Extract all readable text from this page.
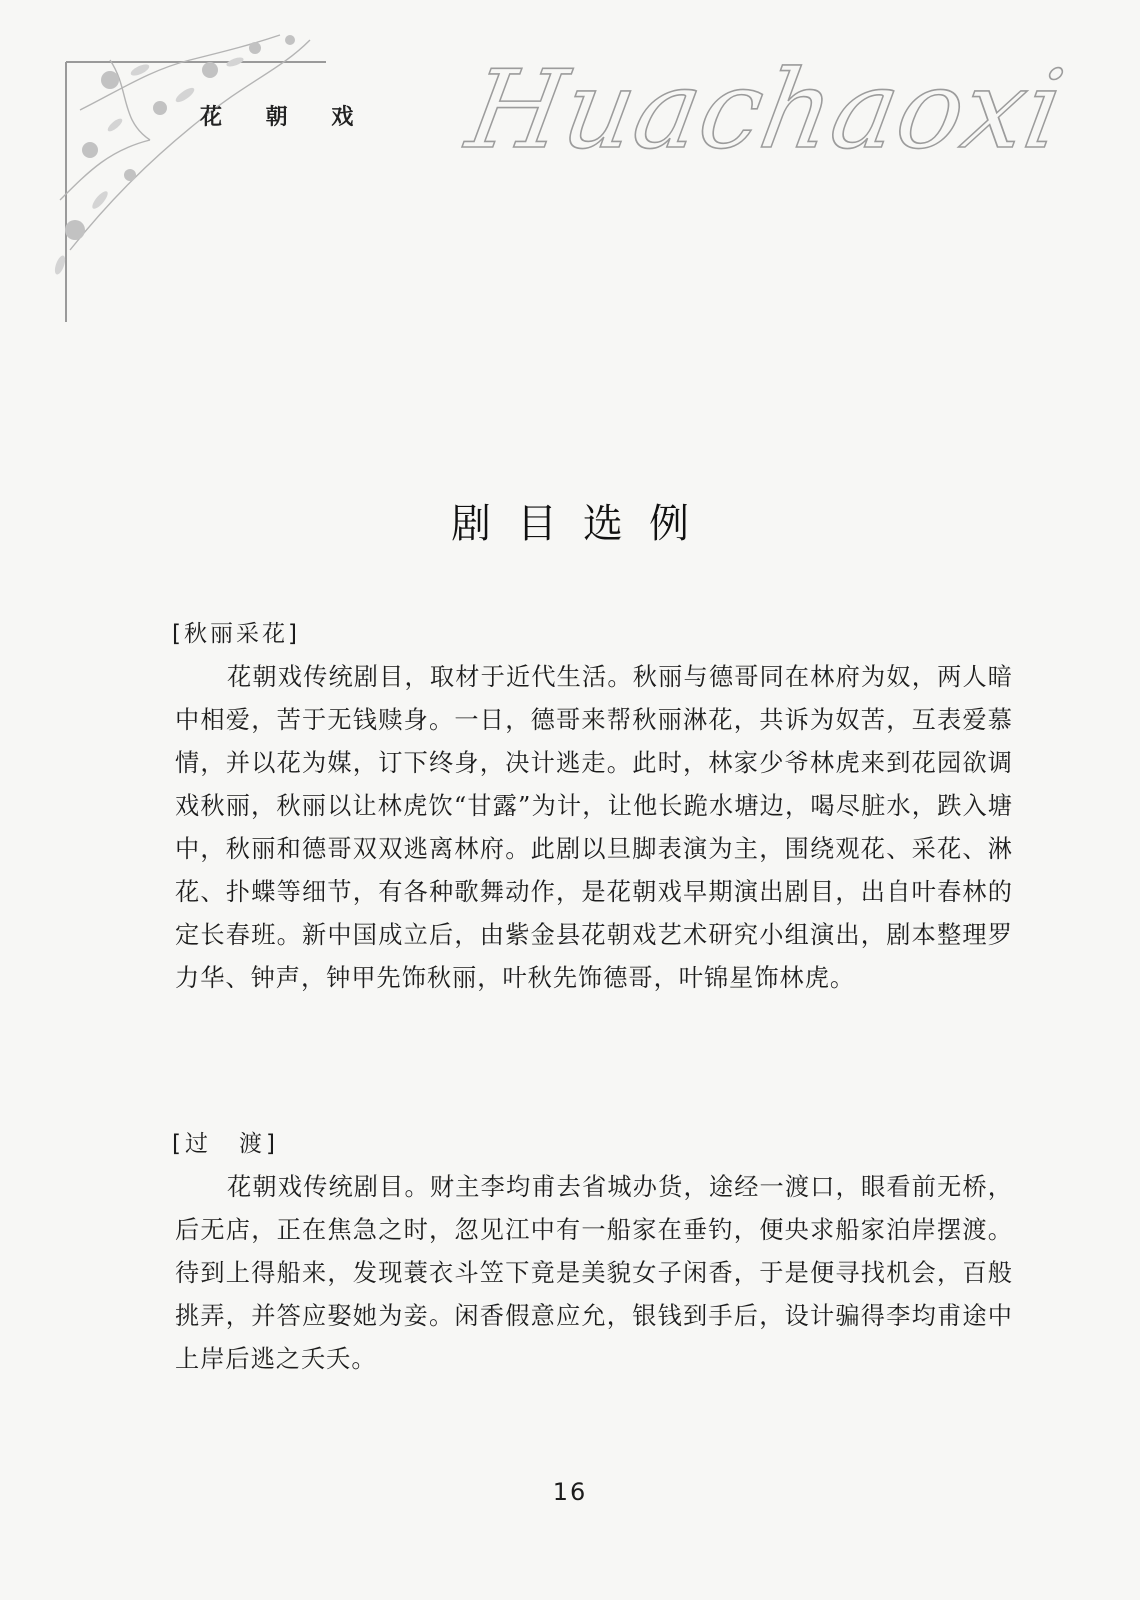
花 朝 戏 Huachaoxi
剧目选例
[秋丽采花]

花朝戏传统剧目，取材于近代生活。秋丽与德哥同在林府为奴，两人暗中相爱，苦于无钱赎身。一日，德哥来帮秋丽淋花，共诉为奴苦，互表爱慕情，并以花为媒，订下终身，决计逃走。此时，林家少爷林虎来到花园欲调戏秋丽，秋丽以让林虎饮“甘露”为计，让他长跪水塘边，喝尽脏水，跌入塘中，秋丽和德哥双双逃离林府。此剧以旦脚表演为主，围绕观花、采花、淋花、扑蝶等细节，有各种歌舞动作，是花朝戏早期演出剧目，出自叶春林的定长春班。新中国成立后，由紫金县花朝戏艺术研究小组演出，剧本整理罗力华、钟声，钟甲先饰秋丽，叶秋先饰德哥，叶锦星饰林虎。

[过　渡]

花朝戏传统剧目。财主李均甫去省城办货，途经一渡口，眼看前无桥，后无店，正在焦急之时，忽见江中有一船家在垂钓，便央求船家泊岸摆渡。待到上得船来，发现蓑衣斗笠下竟是美貌女子闲香，于是便寻找机会，百般挑弄，并答应娶她为妾。闲香假意应允，银钱到手后，设计骗得李均甫途中上岸后逃之夭夭。

16
